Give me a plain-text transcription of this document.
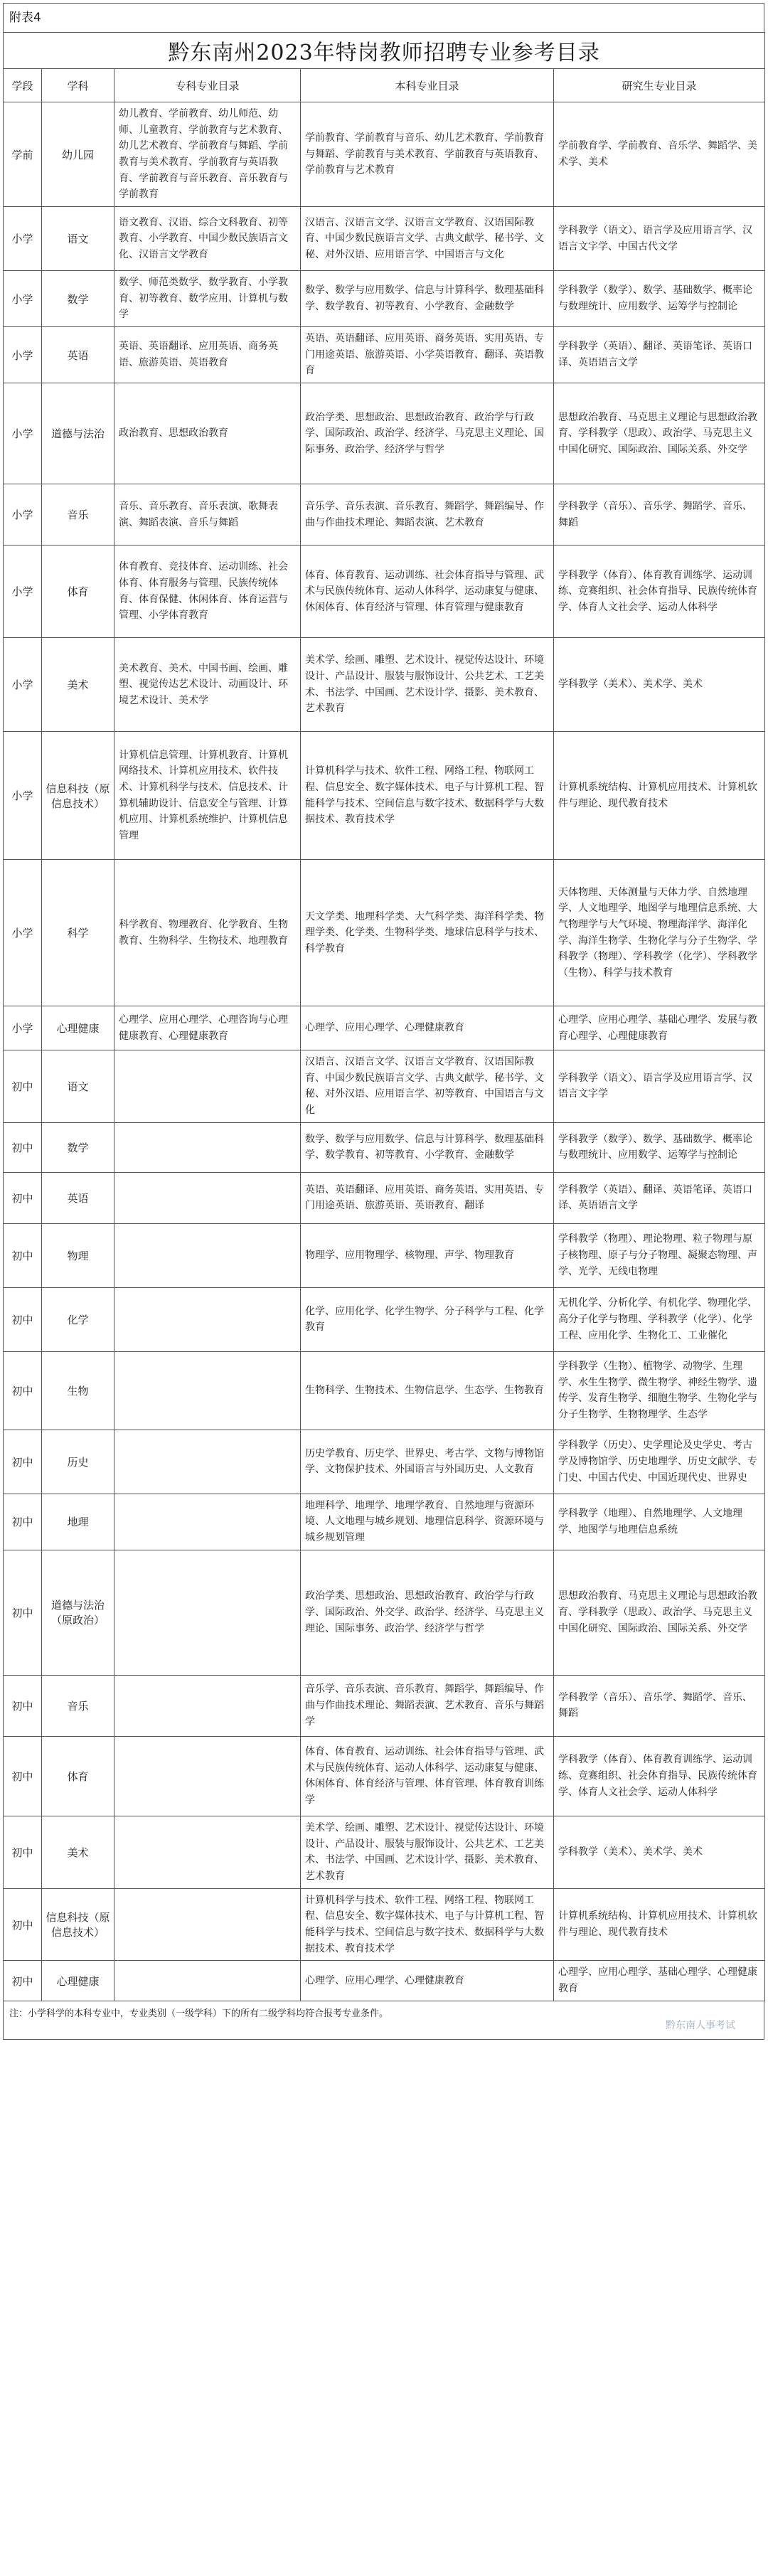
附表4
黔东南州2023年特岗教师招聘专业参考目录				
学段	学科	专科专业目录	本科专业目录	研究生专业目录
学前	幼儿园	幼儿教育、学前教育、幼儿师范、幼师、儿童教育、学前教育与艺术教育、幼儿艺术教育、学前教育与舞蹈、学前教育与美术教育、学前教育与英语教育、学前教育与音乐教育、音乐教育与学前教育	学前教育、学前教育与音乐、幼儿艺术教育、学前教育与舞蹈、学前教育与美术教育、学前教育与英语教育、学前教育与艺术教育	学前教育学、学前教育、音乐学、舞蹈学、美术学、美术
小学	语文	语文教育、汉语、综合文科教育、初等教育、小学教育、中国少数民族语言文化、汉语言文学教育	汉语言、汉语言文学、汉语言文学教育、汉语国际教育、中国少数民族语言文学、古典文献学、秘书学、文秘、对外汉语、应用语言学、中国语言与文化	学科教学（语文）、语言学及应用语言学、汉语言文字学、中国古代文学
小学	数学	数学、师范类数学、数学教育、小学教育、初等教育、数学应用、计算机与数学	数学、数学与应用数学、信息与计算科学、数理基础科学、数学教育、初等教育、小学教育、金融数学	学科教学（数学）、数学、基础数学、概率论与数理统计、应用数学、运筹学与控制论
小学	英语	英语、英语翻译、应用英语、商务英语、旅游英语、英语教育	英语、英语翻译、应用英语、商务英语、实用英语、专门用途英语、旅游英语、小学英语教育、翻译、英语教育	学科教学（英语）、翻译、英语笔译、英语口译、英语语言文学
小学	道德与法治	政治教育、思想政治教育	政治学类、思想政治、思想政治教育、政治学与行政学、国际政治、政治学、经济学、马克思主义理论、国际事务、政治学、经济学与哲学	思想政治教育、马克思主义理论与思想政治教育、学科教学（思政）、政治学、马克思主义中国化研究、国际政治、国际关系、外交学
小学	音乐	音乐、音乐教育、音乐表演、歌舞表演、舞蹈表演、音乐与舞蹈	音乐学、音乐表演、音乐教育、舞蹈学、舞蹈编导、作曲与作曲技术理论、舞蹈表演、艺术教育	学科教学（音乐）、音乐学、舞蹈学、音乐、舞蹈
小学	体育	体育教育、竞技体育、运动训练、社会体育、体育服务与管理、民族传统体育、体育保健、休闲体育、体育运营与管理、小学体育教育	体育、体育教育、运动训练、社会体育指导与管理、武术与民族传统体育、运动人体科学、运动康复与健康、休闲体育、体育经济与管理、体育管理与健康教育	学科教学（体育）、体育教育训练学、运动训练、竞赛组织、社会体育指导、民族传统体育学、体育人文社会学、运动人体科学
小学	美术	美术教育、美术、中国书画、绘画、雕塑、视觉传达艺术设计、动画设计、环境艺术设计、美术学	美术学、绘画、雕塑、艺术设计、视觉传达设计、环境设计、产品设计、服装与服饰设计、公共艺术、工艺美术、书法学、中国画、艺术设计学、摄影、美术教育、艺术教育	学科教学（美术）、美术学、美术
小学	信息科技（原信息技术）	计算机信息管理、计算机教育、计算机网络技术、计算机应用技术、软件技术、计算机科学与技术、信息技术、计算机辅助设计、信息安全与管理、计算机应用、计算机系统维护、计算机信息管理	计算机科学与技术、软件工程、网络工程、物联网工程、信息安全、数字媒体技术、电子与计算机工程、智能科学与技术、空间信息与数字技术、数据科学与大数据技术、教育技术学	计算机系统结构、计算机应用技术、计算机软件与理论、现代教育技术
小学	科学	科学教育、物理教育、化学教育、生物教育、生物科学、生物技术、地理教育	天文学类、地理科学类、大气科学类、海洋科学类、物理学类、化学类、生物科学类、地球信息科学与技术、科学教育	天体物理、天体测量与天体力学、自然地理学、人文地理学、地图学与地理信息系统、大气物理学与大气环境、物理海洋学、海洋化学、海洋生物学、生物化学与分子生物学、学科教学（物理）、学科教学（化学）、学科教学（生物）、科学与技术教育
小学	心理健康	心理学、应用心理学、心理咨询与心理健康教育、心理健康教育	心理学、应用心理学、心理健康教育	心理学、应用心理学、基础心理学、发展与教育心理学、心理健康教育
初中	语文		汉语言、汉语言文学、汉语言文学教育、汉语国际教育、中国少数民族语言文学、古典文献学、秘书学、文秘、对外汉语、应用语言学、初等教育、中国语言与文化	学科教学（语文）、语言学及应用语言学、汉语言文字学
初中	数学		数学、数学与应用数学、信息与计算科学、数理基础科学、数学教育、初等教育、小学教育、金融数学	学科教学（数学）、数学、基础数学、概率论与数理统计、应用数学、运筹学与控制论
初中	英语		英语、英语翻译、应用英语、商务英语、实用英语、专门用途英语、旅游英语、英语教育、翻译	学科教学（英语）、翻译、英语笔译、英语口译、英语语言文学
初中	物理		物理学、应用物理学、核物理、声学、物理教育	学科教学（物理）、理论物理、粒子物理与原子核物理、原子与分子物理、凝聚态物理、声学、光学、无线电物理
初中	化学		化学、应用化学、化学生物学、分子科学与工程、化学教育	无机化学、分析化学、有机化学、物理化学、高分子化学与物理、学科教学（化学）、化学工程、应用化学、生物化工、工业催化
初中	生物		生物科学、生物技术、生物信息学、生态学、生物教育	学科教学（生物）、植物学、动物学、生理学、水生生物学、微生物学、神经生物学、遗传学、发育生物学、细胞生物学、生物化学与分子生物学、生物物理学、生态学
初中	历史		历史学教育、历史学、世界史、考古学、文物与博物馆学、文物保护技术、外国语言与外国历史、人文教育	学科教学（历史）、史学理论及史学史、考古学及博物馆学、历史地理学、历史文献学、专门史、中国古代史、中国近现代史、世界史
初中	地理		地理科学、地理学、地理学教育、自然地理与资源环境、人文地理与城乡规划、地理信息科学、资源环境与城乡规划管理	学科教学（地理）、自然地理学、人文地理学、地图学与地理信息系统
初中	道德与法治（原政治）		政治学类、思想政治、思想政治教育、政治学与行政学、国际政治、外交学、政治学、经济学、马克思主义理论、国际事务、政治学、经济学与哲学	思想政治教育、马克思主义理论与思想政治教育、学科教学（思政）、政治学、马克思主义中国化研究、国际政治、国际关系、外交学
初中	音乐		音乐学、音乐表演、音乐教育、舞蹈学、舞蹈编导、作曲与作曲技术理论、舞蹈表演、艺术教育、音乐与舞蹈学	学科教学（音乐）、音乐学、舞蹈学、音乐、舞蹈
初中	体育		体育、体育教育、运动训练、社会体育指导与管理、武术与民族传统体育、运动人体科学、运动康复与健康、休闲体育、体育经济与管理、体育管理、体育教育训练学	学科教学（体育）、体育教育训练学、运动训练、竞赛组织、社会体育指导、民族传统体育学、体育人文社会学、运动人体科学
初中	美术		美术学、绘画、雕塑、艺术设计、视觉传达设计、环境设计、产品设计、服装与服饰设计、公共艺术、工艺美术、书法学、中国画、艺术设计学、摄影、美术教育、艺术教育	学科教学（美术）、美术学、美术
初中	信息科技（原信息技术）		计算机科学与技术、软件工程、网络工程、物联网工程、信息安全、数字媒体技术、电子与计算机工程、智能科学与技术、空间信息与数字技术、数据科学与大数据技术、教育技术学	计算机系统结构、计算机应用技术、计算机软件与理论、现代教育技术
初中	心理健康		心理学、应用心理学、心理健康教育	心理学、应用心理学、基础心理学、心理健康教育
注：小学科学的本科专业中，专业类别（一级学科）下的所有二级学科均符合报考专业条件。
黔东南人事考试
